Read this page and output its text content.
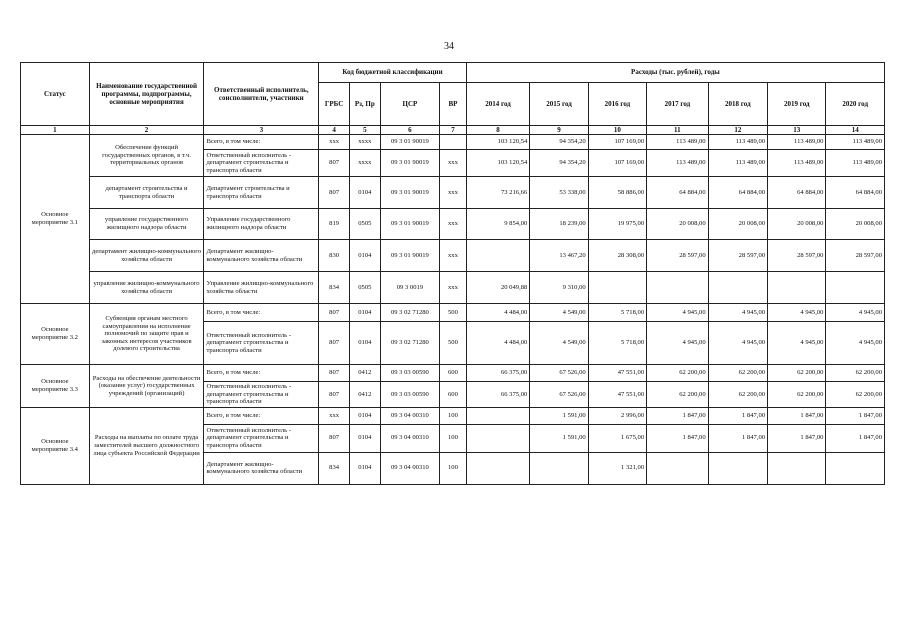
34
Статус	Наименование государственной программы, подпрограммы, основные мероприятия	Ответственный исполнитель, соисполнители, участники	Код бюджетной классификации				Расходы (тыс. рублей), годы						
			ГРБС	Рз, Пр	ЦСР	ВР	2014 год	2015 год	2016 год	2017 год	2018 год	2019 год	2020 год
1	2	3	4	5	6	7	8	9	10	11	12	13	14
Основное мероприятие 3.1	Обеспечение функций государственных органов, в т.ч. территориальных органов	Всего, в том числе:	xxx	xxxx	09 3 01 90019		103 120,54	94 354,20	107 169,00	113 489,00	113 489,00	113 489,00	113 489,00
		Ответственный исполнитель - департамент строительства и транспорта области	807	xxxx	09 3 01 90019	xxx	103 120,54	94 354,20	107 169,00	113 489,00	113 489,00	113 489,00	113 489,00
	департамент строительства и транспорта области	Департамент строительства и транспорта области	807	0104	09 3 01 90019	xxx	73 216,66	53 338,00	58 886,00	64 884,00	64 884,00	64 884,00	64 884,00
	управление государственного жилищного надзора области	Управление государственного жилищного надзора области	819	0505	09 3 01 90019	xxx	9 854,00	18 239,00	19 975,00	20 008,00	20 008,00	20 008,00	20 008,00
	департамент жилищно-коммунального хозяйства области	Департамент жилищно-коммунального хозяйства области	830	0104	09 3 01 90019	xxx		13 467,20	28 308,00	28 597,00	28 597,00	28 597,00	28 597,00
	управление жилищно-коммунального хозяйства области	Управление жилищно-коммунального хозяйства области	834	0505	09 3 0019	xxx	20 049,88	9 310,00					
Основное мероприятие 3.2	Субвенция органам местного самоуправления на исполнение полномочий по защите прав и законных интересов участников долевого строительства	Всего, в том числе:	807	0104	09 3 02 71280	500	4 484,00	4 549,00	5 718,00	4 945,00	4 945,00	4 945,00	4 945,00
		Ответственный исполнитель - департамент строительства и транспорта области	807	0104	09 3 02 71280	500	4 484,00	4 549,00	5 718,00	4 945,00	4 945,00	4 945,00	4 945,00
Основное мероприятие 3.3	Расходы на обеспечение деятельности (оказание услуг) государственных учреждений (организаций)	Всего, в том числе:	807	0412	09 3 03 00590	600	66 375,00	67 526,00	47 551,00	62 200,00	62 200,00	62 200,00	62 200,00
		Ответственный исполнитель - департамент строительства и транспорта области	807	0412	09 3 03 00590	600	66 375,00	67 526,00	47 551,00	62 200,00	62 200,00	62 200,00	62 200,00
Основное мероприятие 3.4	Расходы на выплаты по оплате труда заместителей высшего должностного лица субъекта Российской Федерации	Всего, в том числе:	xxx	0104	09 3 04 00310	100		1 591,00	2 996,00	1 847,00	1 847,00	1 847,00	1 847,00
		Ответственный исполнитель - департамент строительства и транспорта области	807	0104	09 3 04 00310	100		1 591,00	1 675,00	1 847,00	1 847,00	1 847,00	1 847,00
		Департамент жилищно-коммунального хозяйства области	834	0104	09 3 04 00310	100			1 321,00				
